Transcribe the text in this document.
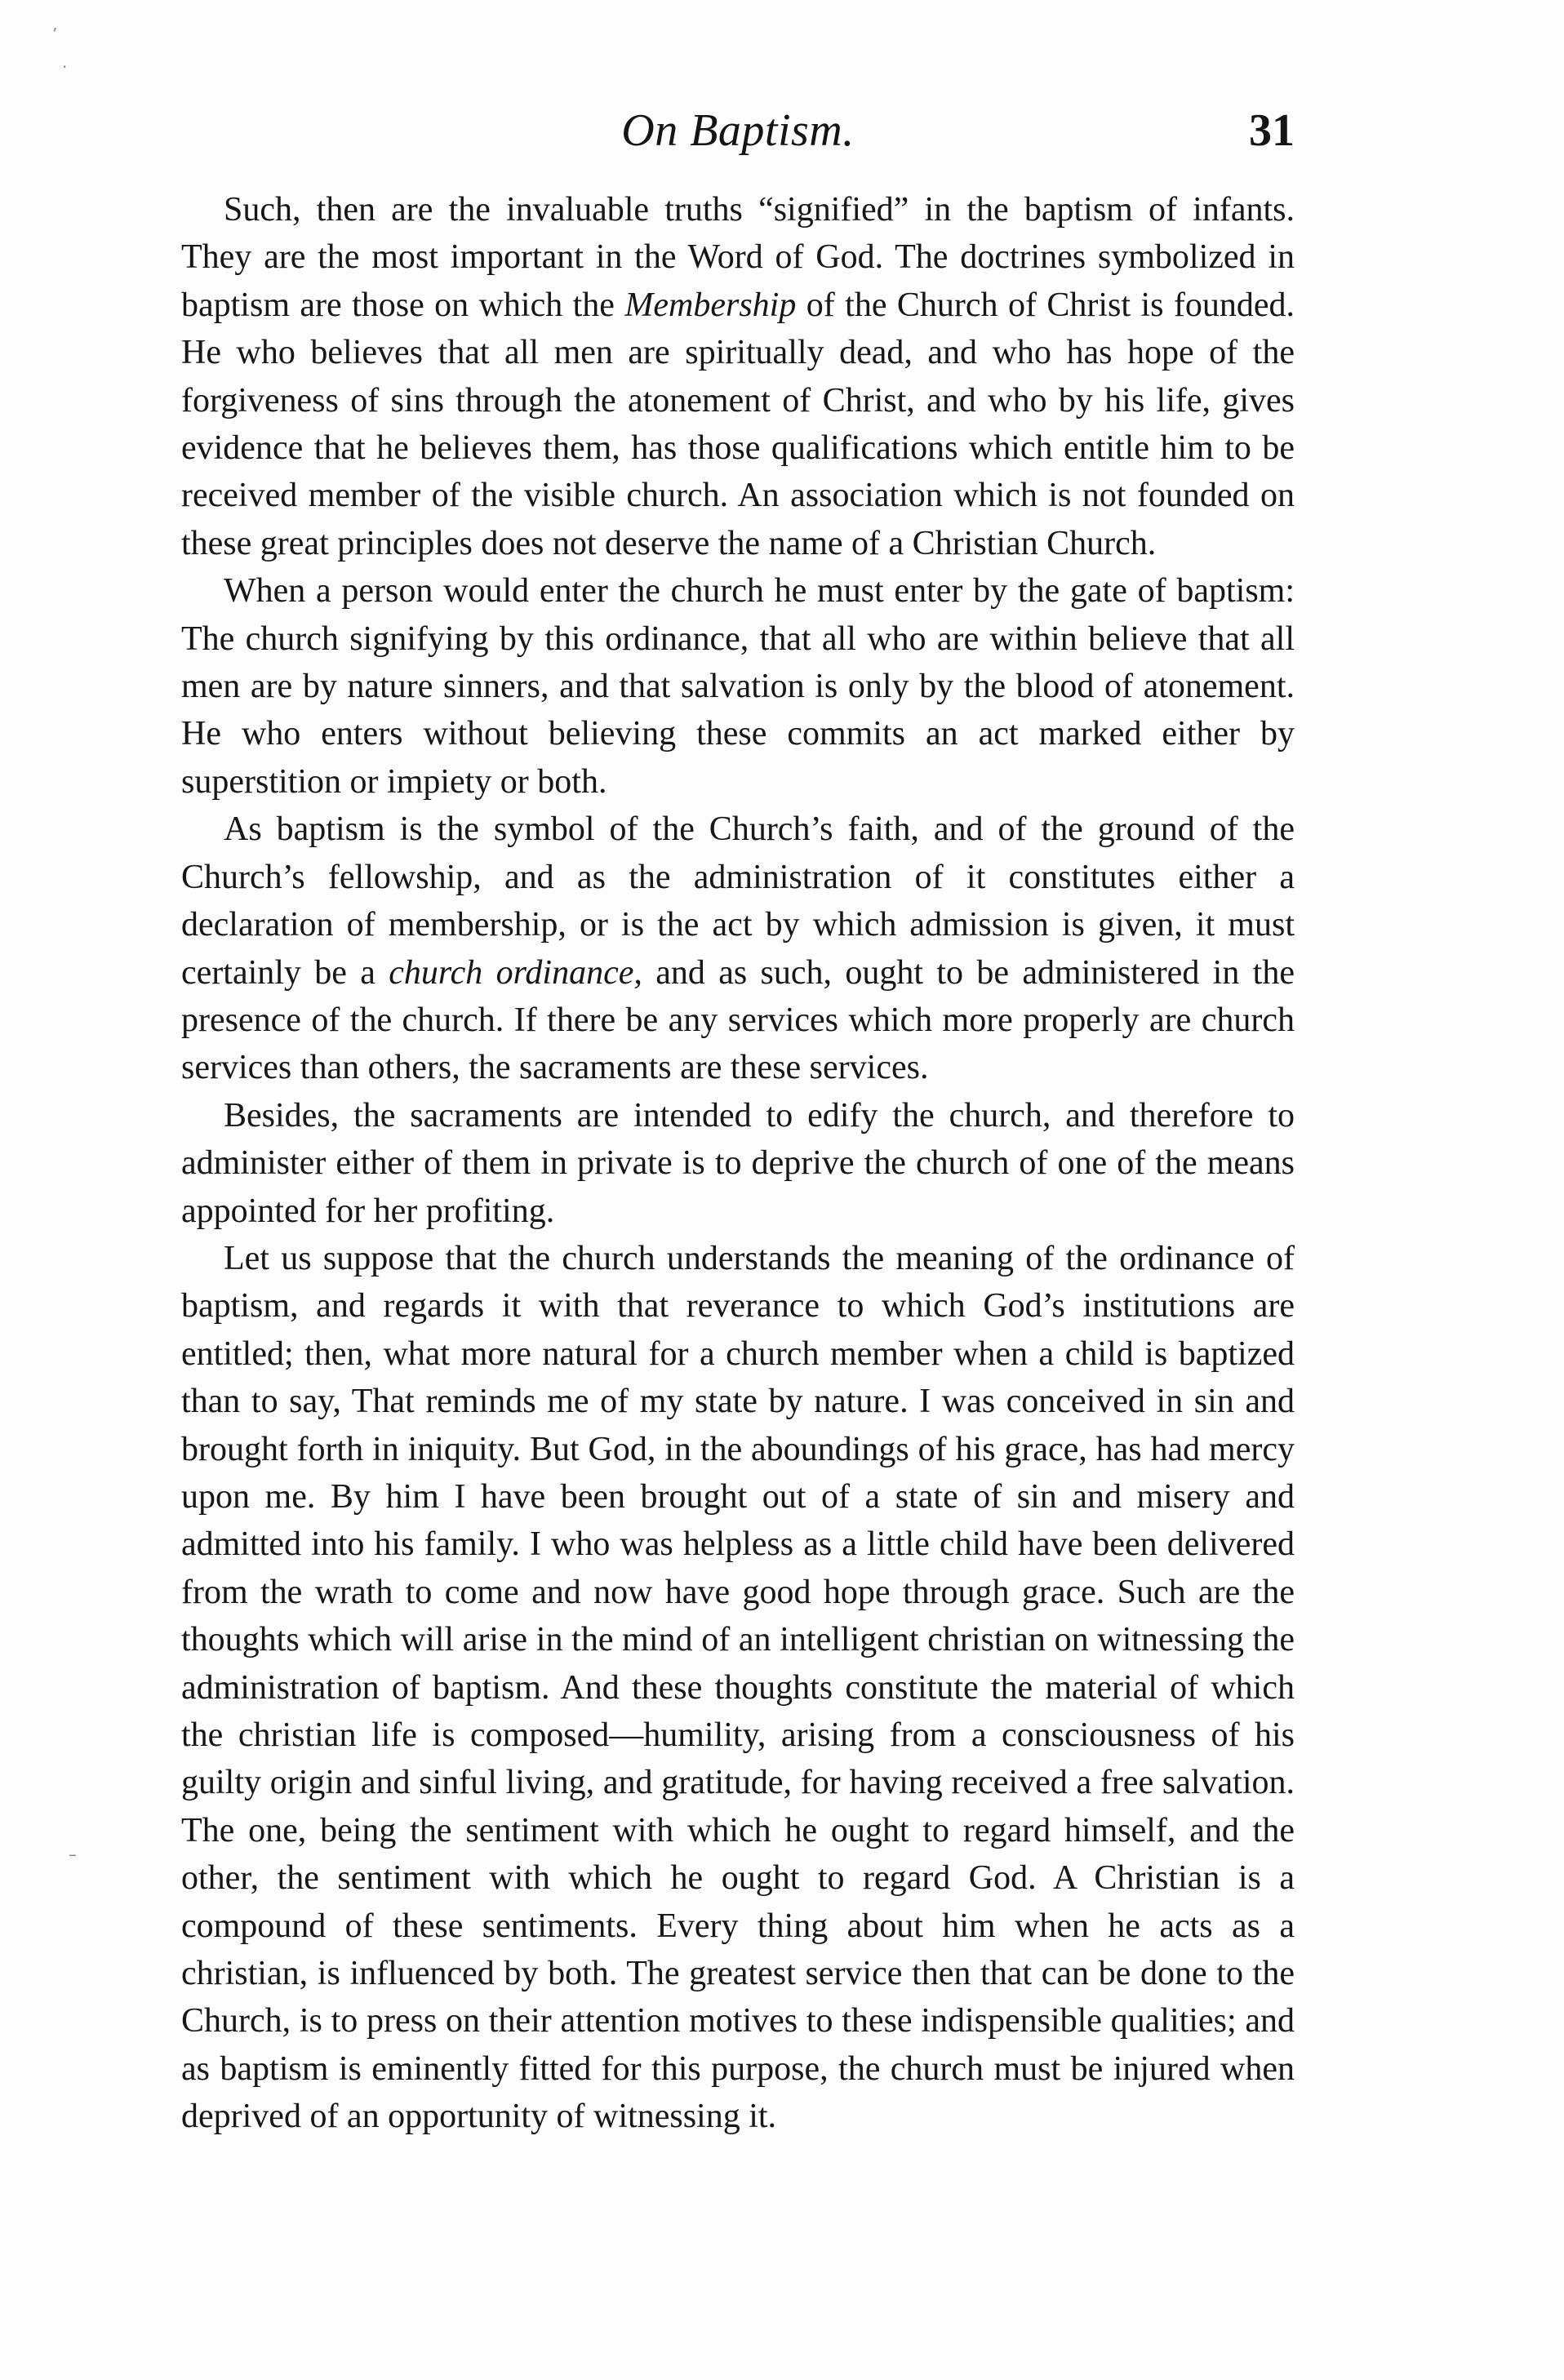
On Baptism.	31

Such, then are the invaluable truths “signified” in the baptism of infants. They are the most important in the Word of God. The doctrines symbolized in baptism are those on which the Membership of the Church of Christ is founded. He who believes that all men are spiritually dead, and who has hope of the forgiveness of sins through the atonement of Christ, and who by his life, gives evidence that he believes them, has those qualifications which entitle him to be received member of the visible church. An association which is not founded on these great principles does not deserve the name of a Christian Church.

When a person would enter the church he must enter by the gate of baptism: The church signifying by this ordinance, that all who are within believe that all men are by nature sinners, and that salvation is only by the blood of atonement. He who enters without believing these commits an act marked either by superstition or impiety or both.

As baptism is the symbol of the Church’s faith, and of the ground of the Church’s fellowship, and as the administration of it constitutes either a declaration of membership, or is the act by which admission is given, it must certainly be a church ordinance, and as such, ought to be administered in the presence of the church. If there be any services which more properly are church services than others, the sacraments are these services.

Besides, the sacraments are intended to edify the church, and therefore to administer either of them in private is to deprive the church of one of the means appointed for her profiting.

Let us suppose that the church understands the meaning of the ordinance of baptism, and regards it with that reverance to which God’s institutions are entitled; then, what more natural for a church member when a child is baptized than to say, That reminds me of my state by nature. I was conceived in sin and brought forth in iniquity. But God, in the aboundings of his grace, has had mercy upon me. By him I have been brought out of a state of sin and misery and admitted into his family. I who was helpless as a little child have been delivered from the wrath to come and now have good hope through grace. Such are the thoughts which will arise in the mind of an intelligent christian on witnessing the administration of baptism. And these thoughts constitute the material of which the christian life is composed—humility, arising from a consciousness of his guilty origin and sinful living, and gratitude, for having received a free salvation. The one, being the sentiment with which he ought to regard himself, and the other, the sentiment with which he ought to regard God. A Christian is a compound of these sentiments. Every thing about him when he acts as a christian, is influenced by both. The greatest service then that can be done to the Church, is to press on their attention motives to these indispensible qualities; and as baptism is eminently fitted for this purpose, the church must be injured when deprived of an opportunity of witnessing it.

’
·
–
